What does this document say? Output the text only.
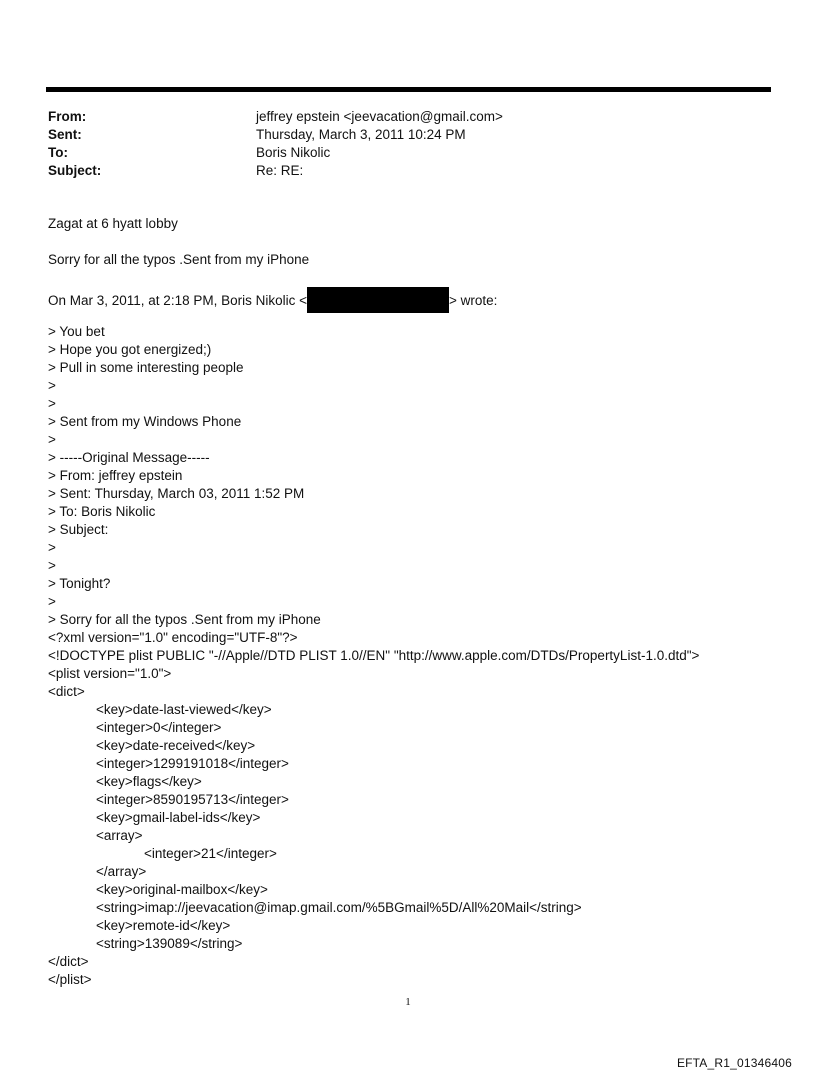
From:	jeffrey epstein <jeevacation@gmail.com>
Sent:	Thursday, March 3, 2011 10:24 PM
To:	Boris Nikolic
Subject:	Re: RE:
Zagat at 6 hyatt lobby
Sorry for all the typos .Sent from my iPhone
On Mar 3, 2011, at 2:18 PM, Boris Nikolic <	> wrote:
> You bet
> Hope you got energized;)
> Pull in some interesting people
>
>
> Sent from my Windows Phone
>
> -----Original Message-----
> From: jeffrey epstein
> Sent: Thursday, March 03, 2011 1:52 PM
> To: Boris Nikolic
> Subject:
>
>
> Tonight?
>
> Sorry for all the typos .Sent from my iPhone
<?xml version="1.0" encoding="UTF-8"?>
<!DOCTYPE plist PUBLIC "-//Apple//DTD PLIST 1.0//EN" "http://www.apple.com/DTDs/PropertyList-1.0.dtd">
<plist version="1.0">
<dict>
<key>date-last-viewed</key>
<integer>0</integer>
<key>date-received</key>
<integer>1299191018</integer>
<key>flags</key>
<integer>8590195713</integer>
<key>gmail-label-ids</key>
<array>
<integer>21</integer>
</array>
<key>original-mailbox</key>
<string>imap://jeevacation@imap.gmail.com/%5BGmail%5D/All%20Mail</string>
<key>remote-id</key>
<string>139089</string>
</dict>
</plist>
1
EFTA_R1_01346406
